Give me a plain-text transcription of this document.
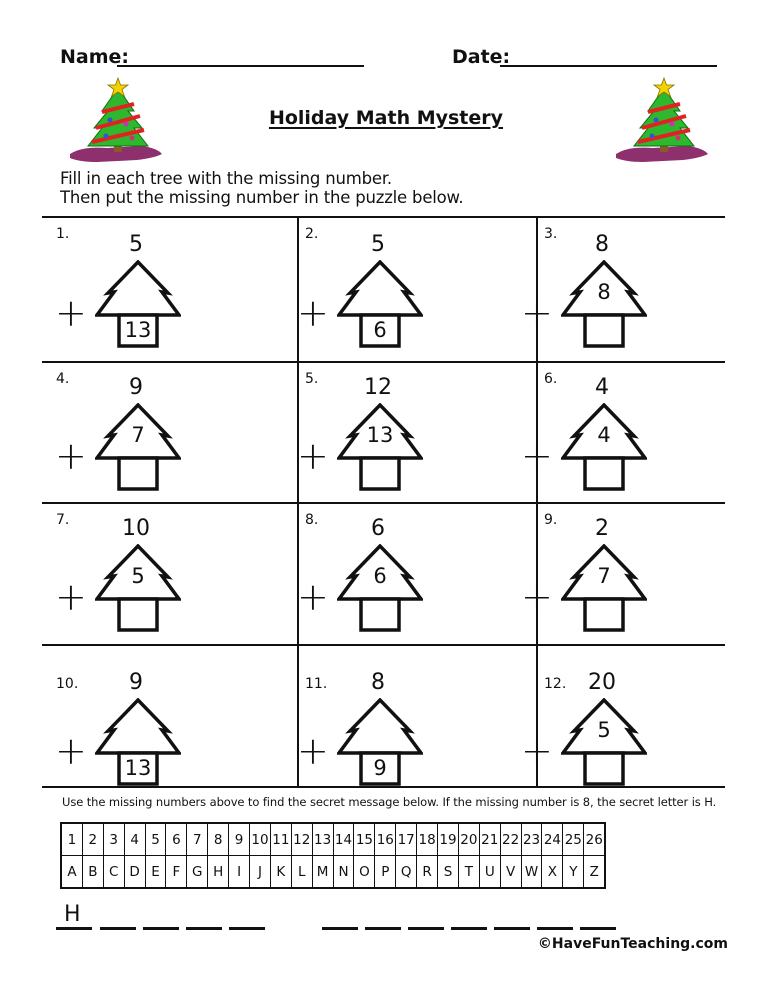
Name:	Date:
Holiday Math Mystery
Fill in each tree with the missing number.
Then put the missing number in the puzzle below.
1.	5
+	13
2.	5
+	6
3.	8
+	8
4.	9
+	7
5.	12
+	13
6.	4
+	4
7.	10
+	5
8.	6
+	6
9.	2
+	7
10.	9
+	13
11.	8
+	9
12. 20
+	5
Use the missing numbers above to find the secret message below. If the missing number is 8, the secret letter is H.
1	2	3	4	5	6	7	8	9	10	11	12	13	14	15	16	17	18	19	20	21	22	23	24	25	26
A	B	C	D	E	F	G	H	I	J	K	L	M	N	O	P	Q	R	S	T	U	V	W	X	Y	Z
H
©HaveFunTeaching.com
